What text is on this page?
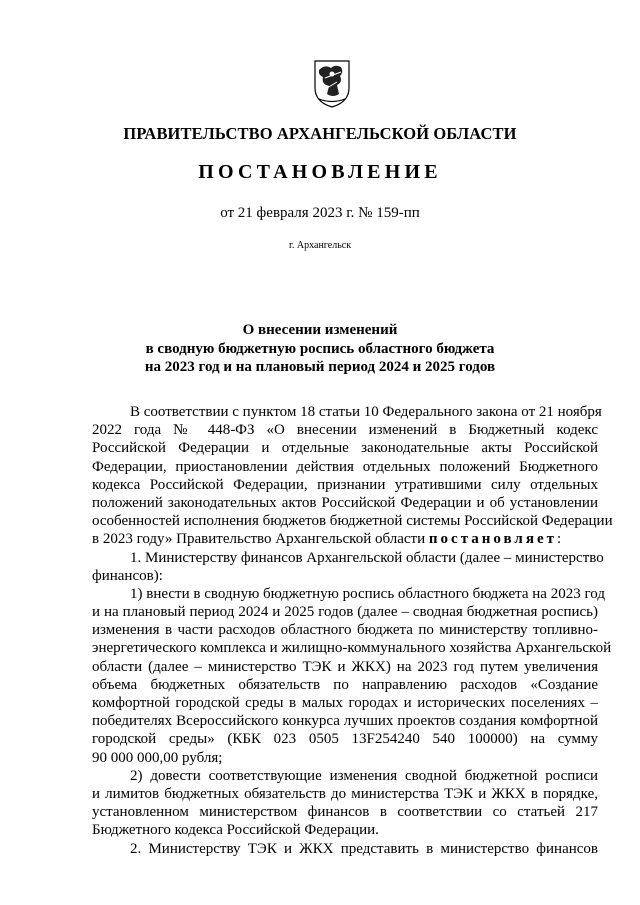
ПРАВИТЕЛЬСТВО АРХАНГЕЛЬСКОЙ ОБЛАСТИ
ПОСТАНОВЛЕНИЕ
от 21 февраля 2023 г. № 159-пп
г. Архангельск
О внесении изменений
в сводную бюджетную роспись областного бюджета
на 2023 год и на плановый период 2024 и 2025 годов
В соответствии с пунктом 18 статьи 10 Федерального закона от 21 ноября
2022 года № 448-ФЗ «О внесении изменений в Бюджетный кодекс
Российской Федерации и отдельные законодательные акты Российской
Федерации, приостановлении действия отдельных положений Бюджетного
кодекса Российской Федерации, признании утратившими силу отдельных
положений законодательных актов Российской Федерации и об установлении
особенностей исполнения бюджетов бюджетной системы Российской Федерации
в 2023 году» Правительство Архангельской области постановляет:
1. Министерству финансов Архангельской области (далее – министерство
финансов):
1) внести в сводную бюджетную роспись областного бюджета на 2023 год
и на плановый период 2024 и 2025 годов (далее – сводная бюджетная роспись)
изменения в части расходов областного бюджета по министерству топливно-
энергетического комплекса и жилищно-коммунального хозяйства Архангельской
области (далее – министерство ТЭК и ЖКХ) на 2023 год путем увеличения
объема бюджетных обязательств по направлению расходов «Создание
комфортной городской среды в малых городах и исторических поселениях –
победителях Всероссийского конкурса лучших проектов создания комфортной
городской среды» (КБК 023 0505 13F254240 540 100000) на сумму
90 000 000,00 рубля;
2) довести соответствующие изменения сводной бюджетной росписи
и лимитов бюджетных обязательств до министерства ТЭК и ЖКХ в порядке,
установленном министерством финансов в соответствии со статьей 217
Бюджетного кодекса Российской Федерации.
2. Министерству ТЭК и ЖКХ представить в министерство финансов
